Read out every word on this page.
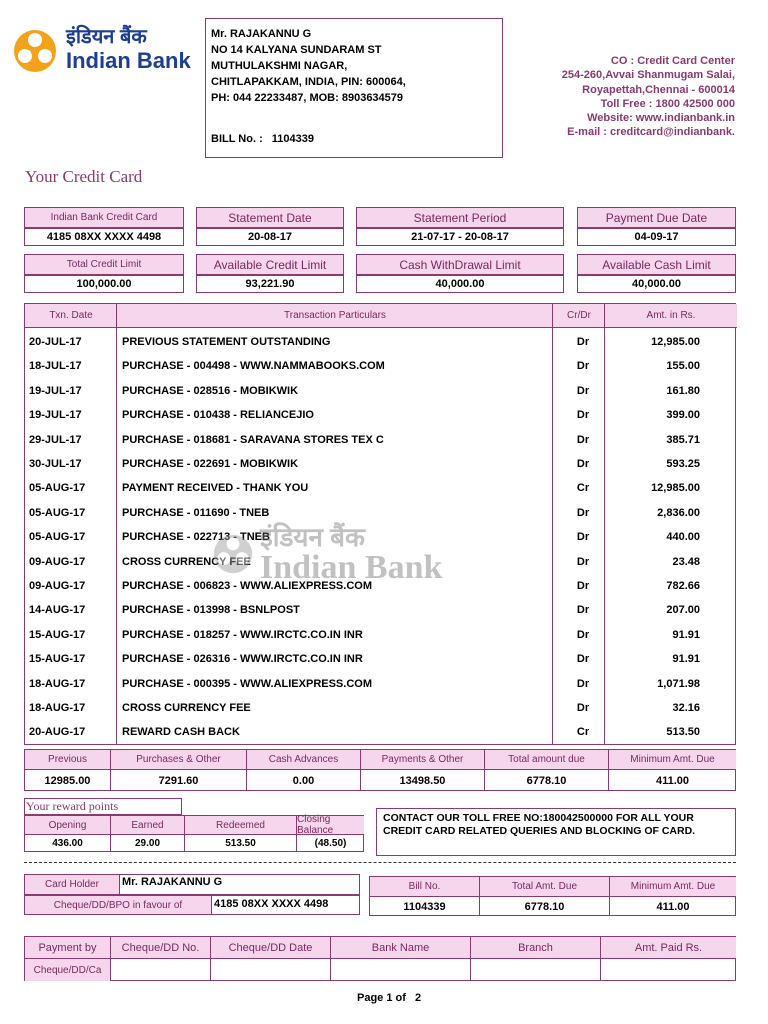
इंडियन बैंक
Indian Bank
Mr. RAJAKANNU G
NO 14 KALYANA SUNDARAM ST
MUTHULAKSHMI NAGAR,
CHITLAPAKKAM, INDIA, PIN: 600064,
PH: 044 22233487, MOB: 8903634579
BILL No. : 1104339
CO : Credit Card Center
254-260,Avvai Shanmugam Salai,
Royapettah,Chennai - 600014
Toll Free : 1800 42500 000
Website: www.indianbank.in
E-mail : creditcard@indianbank.
Your Credit Card
Indian Bank Credit Card
4185 08XX XXXX 4498
Statement Date
20-08-17
Statement Period
21-07-17 - 20-08-17
Payment Due Date
04-09-17
Total Credit Limit
100,000.00
Available Credit Limit
93,221.90
Cash WithDrawal Limit
40,000.00
Available Cash Limit
40,000.00
Txn. Date	Transaction Particulars	Cr/Dr	Amt. in Rs.
20-JUL-17	PREVIOUS STATEMENT OUTSTANDING	Dr	12,985.00
18-JUL-17	PURCHASE - 004498 - WWW.NAMMABOOKS.COM	Dr	155.00
19-JUL-17	PURCHASE - 028516 - MOBIKWIK	Dr	161.80
19-JUL-17	PURCHASE - 010438 - RELIANCEJIO	Dr	399.00
29-JUL-17	PURCHASE - 018681 - SARAVANA STORES TEX C	Dr	385.71
30-JUL-17	PURCHASE - 022691 - MOBIKWIK	Dr	593.25
05-AUG-17	PAYMENT RECEIVED - THANK YOU	Cr	12,985.00
05-AUG-17	PURCHASE - 011690 - TNEB	Dr	2,836.00
05-AUG-17	PURCHASE - 022713 - TNEB	Dr	440.00
09-AUG-17	CROSS CURRENCY FEE	Dr	23.48
09-AUG-17	PURCHASE - 006823 - WWW.ALIEXPRESS.COM	Dr	782.66
14-AUG-17	PURCHASE - 013998 - BSNLPOST	Dr	207.00
15-AUG-17	PURCHASE - 018257 - WWW.IRCTC.CO.IN INR	Dr	91.91
15-AUG-17	PURCHASE - 026316 - WWW.IRCTC.CO.IN INR	Dr	91.91
18-AUG-17	PURCHASE - 000395 - WWW.ALIEXPRESS.COM	Dr	1,071.98
18-AUG-17	CROSS CURRENCY FEE	Dr	32.16
20-AUG-17	REWARD CASH BACK	Cr	513.50
इंडियन बैंक
Indian Bank
Previous	Purchases & Other	Cash Advances	Payments & Other	Total amount due	Minimum Amt. Due
12985.00	7291.60	0.00	13498.50	6778.10	411.00
Your reward points
Opening	Earned	Redeemed	Closing Balance
436.00	29.00	513.50	(48.50)
CONTACT OUR TOLL FREE NO:180042500000 FOR ALL YOUR CREDIT CARD RELATED QUERIES AND BLOCKING OF CARD.
Card Holder	Mr. RAJAKANNU G
Cheque/DD/BPO in favour of	4185 08XX XXXX 4498
Bill No.	Total Amt. Due	Minimum Amt. Due
1104339	6778.10	411.00
Payment by	Cheque/DD No.	Cheque/DD Date	Bank Name	Branch	Amt. Paid Rs.
Cheque/DD/Ca
Page 1 of 2
